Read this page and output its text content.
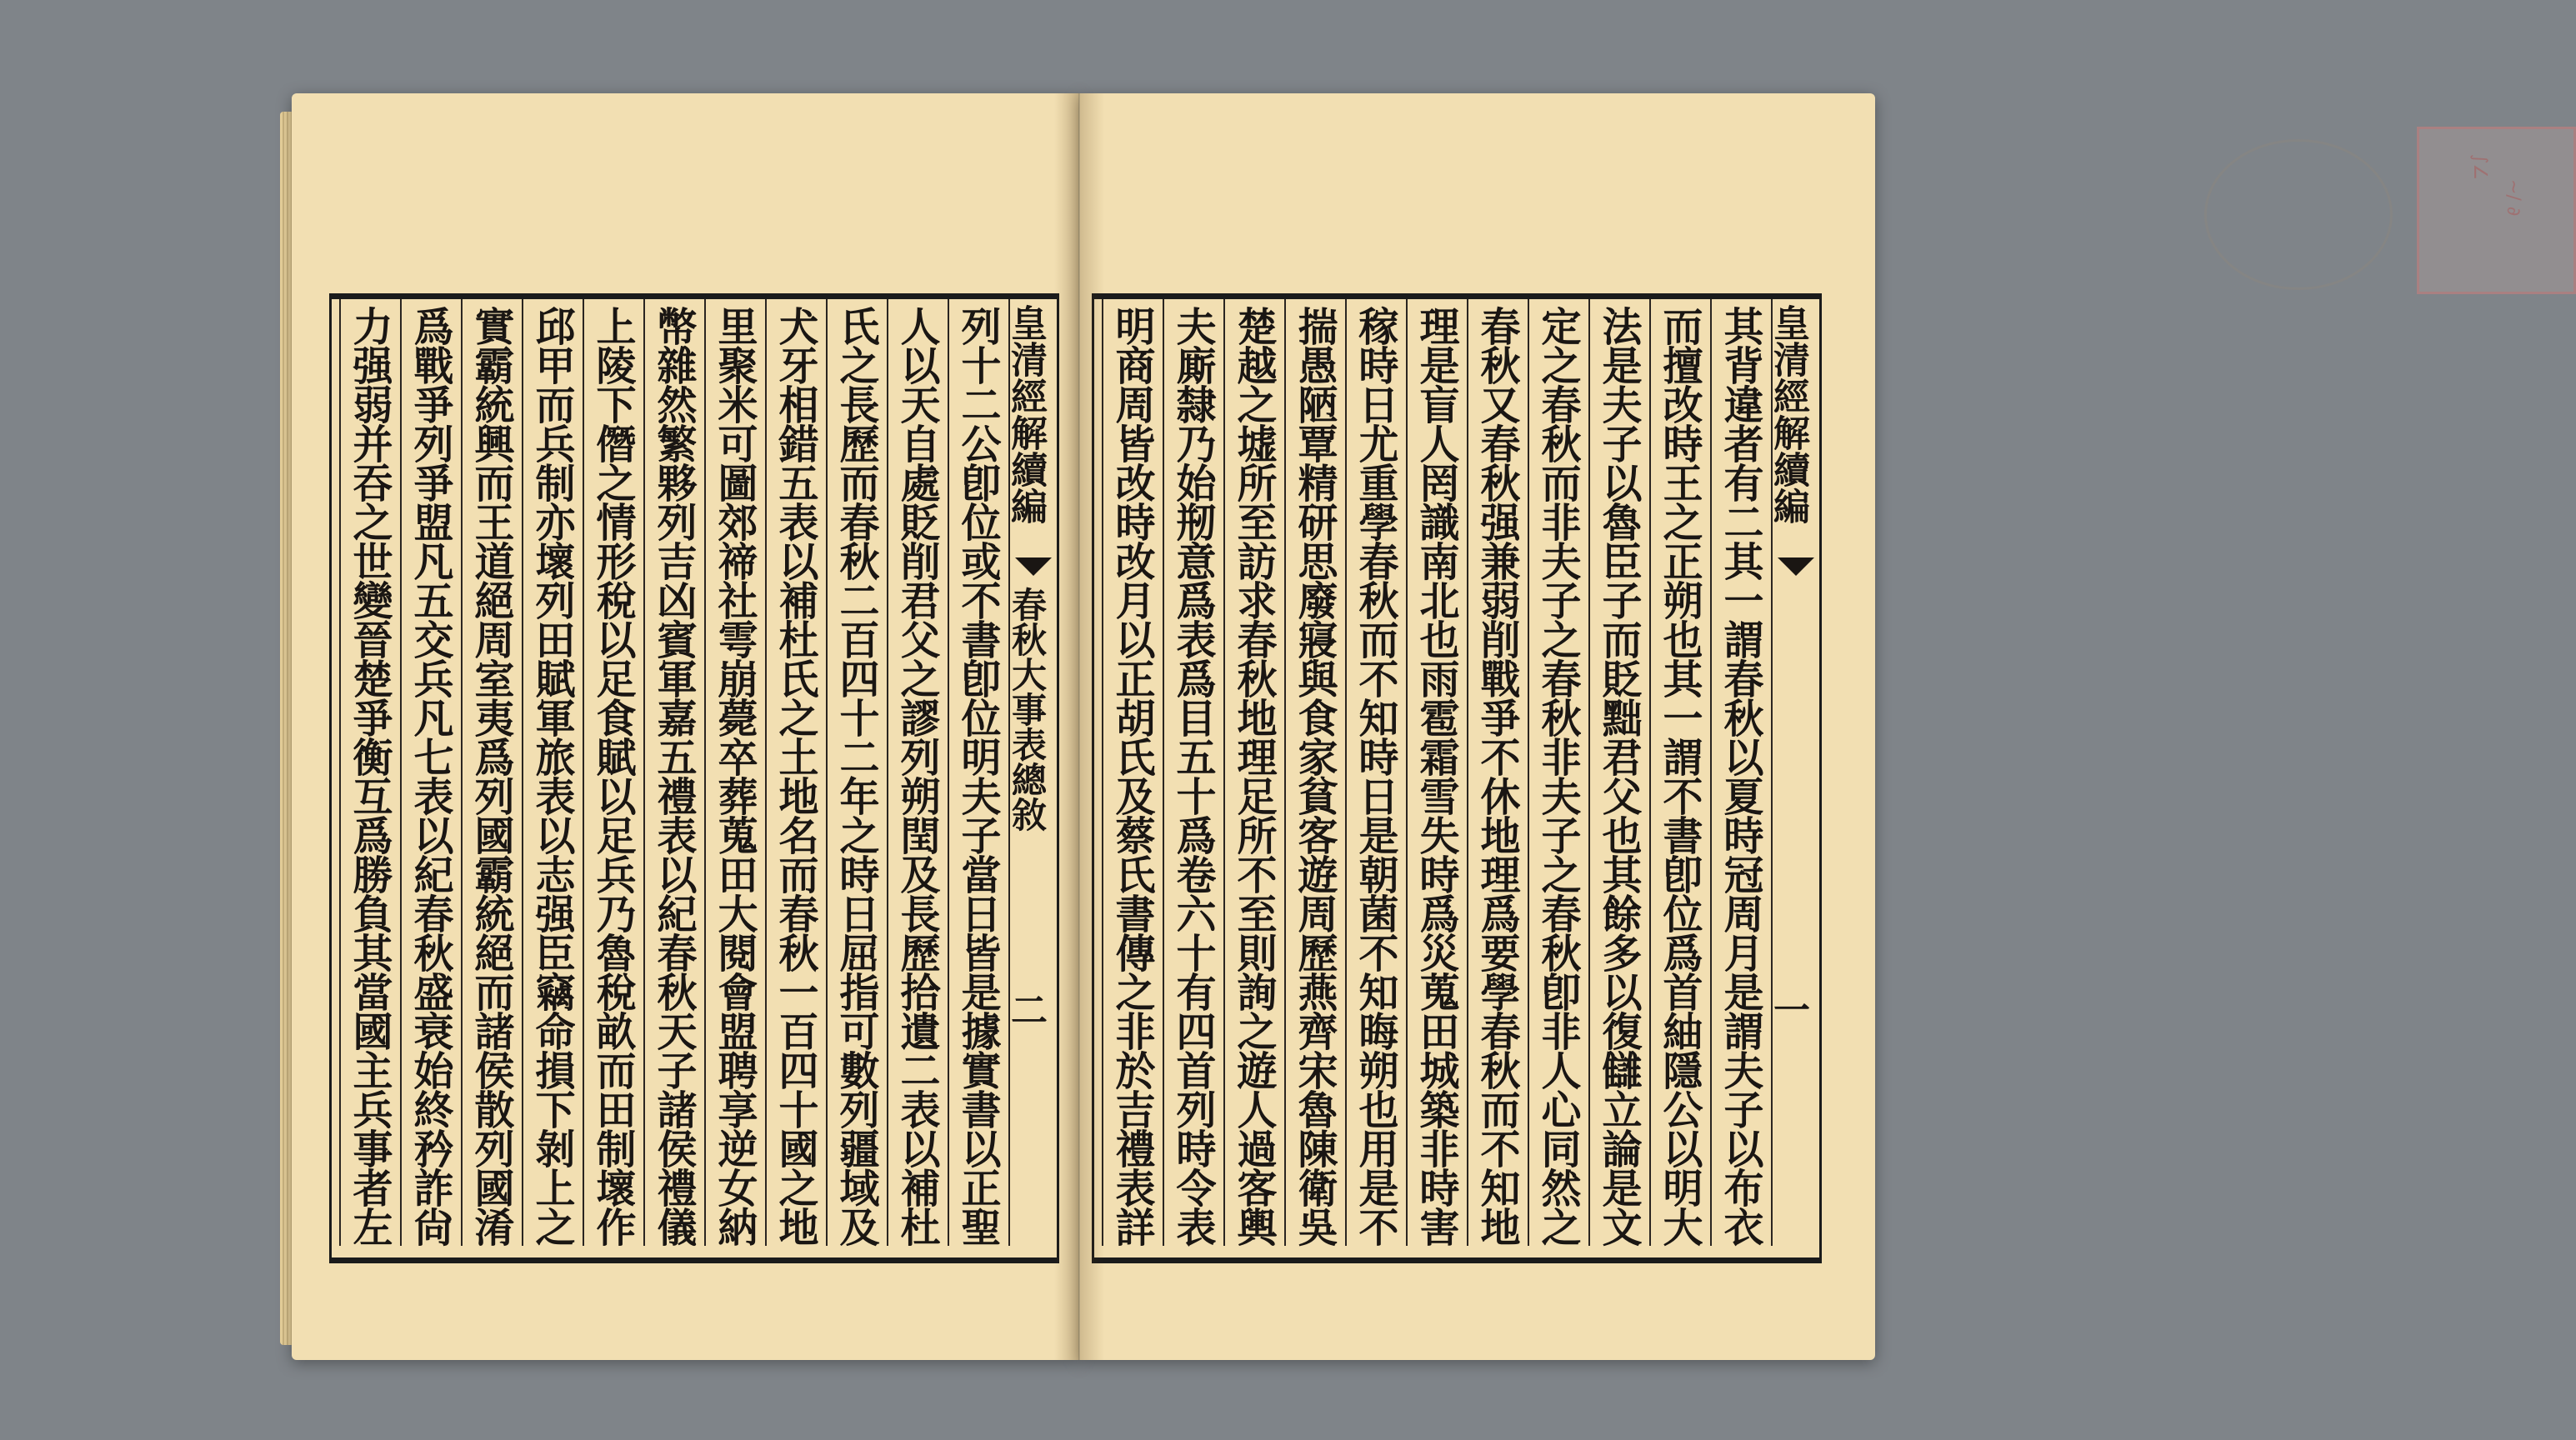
列十二公卽位或不書卽位明夫子當日皆是據實書以正聖
人以天自處貶削君父之謬列朔閏及長歷拾遺二表以補杜
氏之長歷而春秋二百四十二年之時日屈指可數列疆域及
犬牙相錯五表以補杜氏之土地名而春秋一百四十國之地
里聚米可圖郊禘社雩崩薨卒葬蒐田大閱會盟聘享逆女納
幣雜然繁夥列吉凶賓軍嘉五禮表以紀春秋天子諸侯禮儀
上陵下僭之情形稅以足食賦以足兵乃魯稅畝而田制壞作
邱甲而兵制亦壞列田賦軍旅表以志强臣竊命損下剝上之
實霸統興而王道絕周室夷爲列國霸統絕而諸侯散列國淆
爲戰爭列爭盟凡五交兵凡七表以紀春秋盛衰始終矜詐尙
力强弱并吞之世變晉楚爭衡互爲勝負其當國主兵事者左	皇清經解續編
春秋大事表總敘
二
∫∠
~/ ∂
其背違者有二其一謂春秋以夏時冠周月是謂夫子以布衣
而擅改時王之正朔也其一謂不書卽位爲首紬隱公以明大
法是夫子以魯臣子而貶黜君父也其餘多以復讎立論是文
定之春秋而非夫子之春秋非夫子之春秋卽非人心同然之
春秋又春秋强兼弱削戰爭不休地理爲要學春秋而不知地
理是盲人罔識南北也雨雹霜雪失時爲災蒐田城築非時害
稼時日尤重學春秋而不知時日是朝菌不知晦朔也用是不
揣愚陋覃精研思廢寢與食家貧客遊周歷燕齊宋魯陳衛吳
楚越之墟所至訪求春秋地理足所不至則詢之遊人過客輿
夫廝隸乃始剏意爲表爲目五十爲卷六十有四首列時令表
明商周皆改時改月以正胡氏及蔡氏書傳之非於吉禮表詳	皇清經解續編
一
